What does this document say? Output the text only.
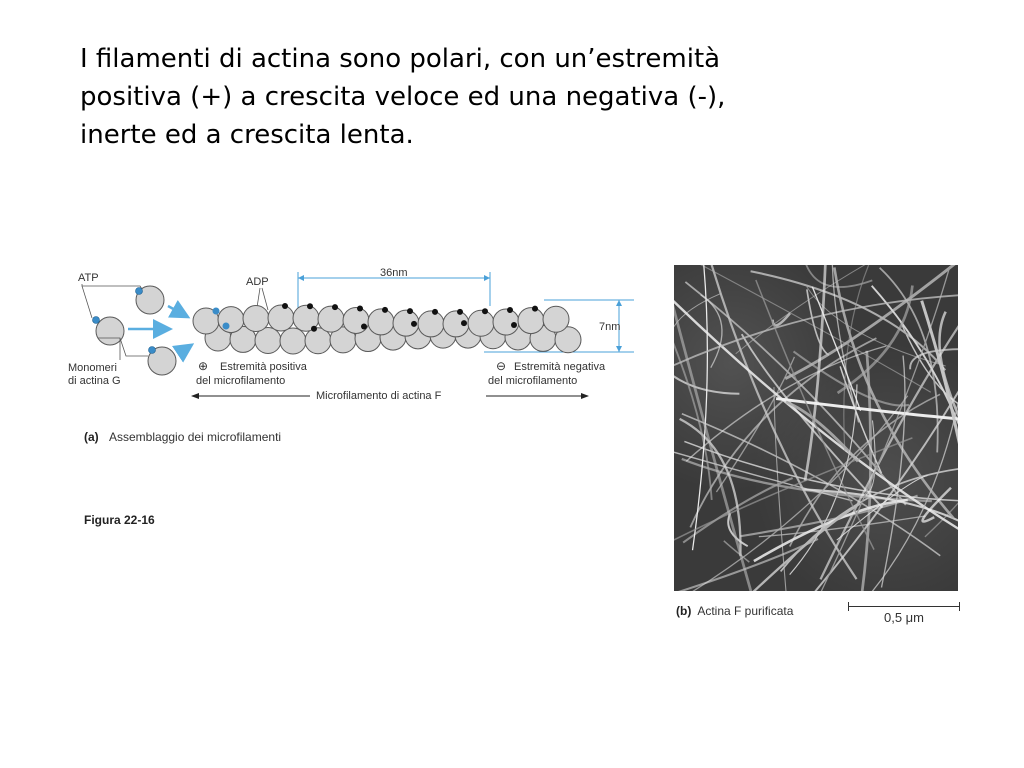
I filamenti di actina sono polari, con un’estremità
positiva (+) a crescita veloce ed una negativa (-),
inerte ed a crescita lenta.
ATP
Monomeri
di actina G
ADP
36nm
7nm
⊕ Estremità positiva
del microfilamento
⊖ Estremità negativa
del microfilamento
Microfilamento di actina F
(a) Assemblaggio dei microfilamenti
Figura 22-16
(b) Actina F purificata	0,5 μm
